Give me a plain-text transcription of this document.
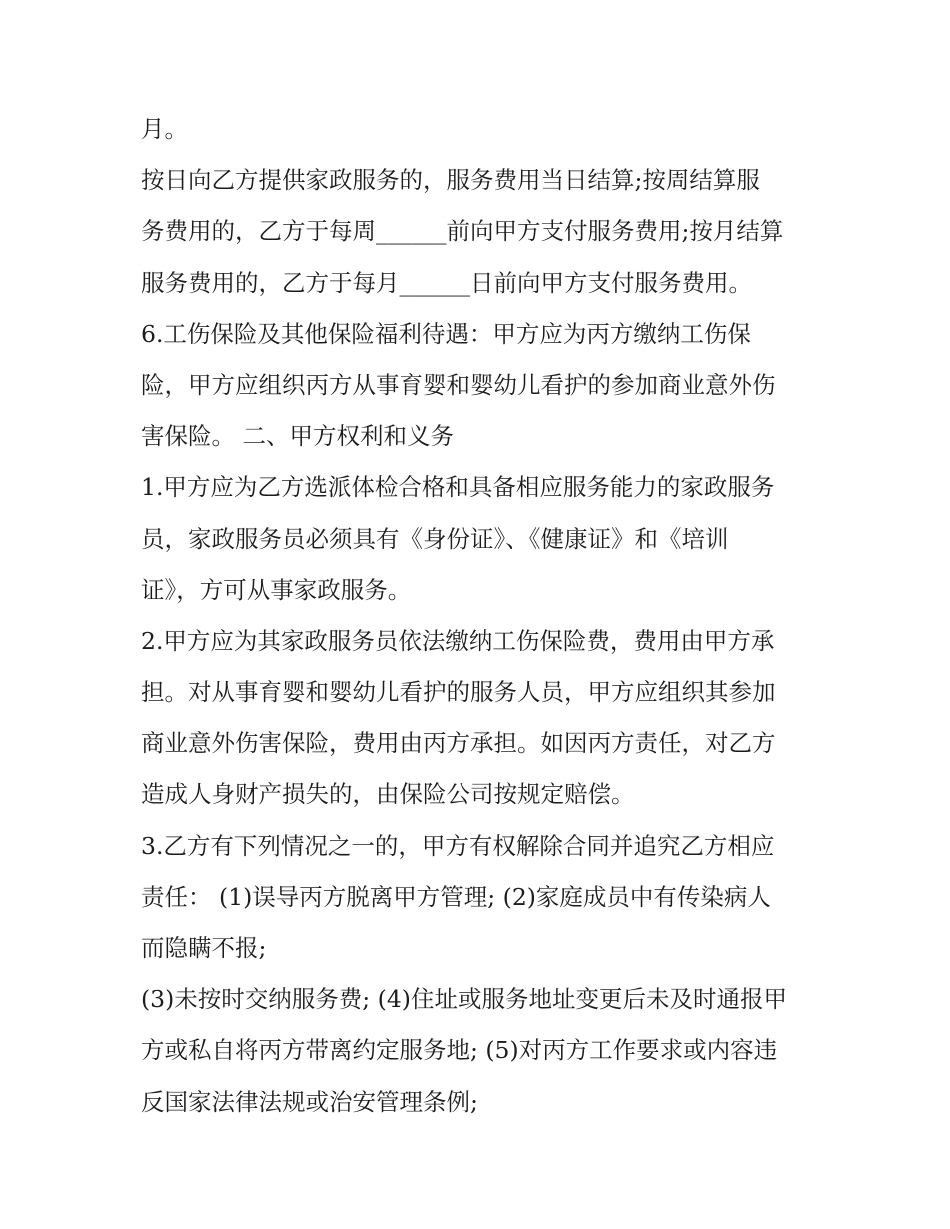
月。
按日向乙方提供家政服务的，服务费用当日结算;按周结算服
务费用的，乙方于每周______前向甲方支付服务费用;按月结算
服务费用的，乙方于每月______日前向甲方支付服务费用。
6.工伤保险及其他保险福利待遇：甲方应为丙方缴纳工伤保
险，甲方应组织丙方从事育婴和婴幼儿看护的参加商业意外伤
害保险。 二、甲方权利和义务
1.甲方应为乙方选派体检合格和具备相应服务能力的家政服务
员，家政服务员必须具有《身份证》、《健康证》和《培训
证》，方可从事家政服务。
2.甲方应为其家政服务员依法缴纳工伤保险费，费用由甲方承
担。对从事育婴和婴幼儿看护的服务人员，甲方应组织其参加
商业意外伤害保险，费用由丙方承担。如因丙方责任，对乙方
造成人身财产损失的，由保险公司按规定赔偿。
3.乙方有下列情况之一的，甲方有权解除合同并追究乙方相应
责任： (1)误导丙方脱离甲方管理; (2)家庭成员中有传染病人
而隐瞒不报;
(3)未按时交纳服务费; (4)住址或服务地址变更后未及时通报甲
方或私自将丙方带离约定服务地; (5)对丙方工作要求或内容违
反国家法律法规或治安管理条例;
